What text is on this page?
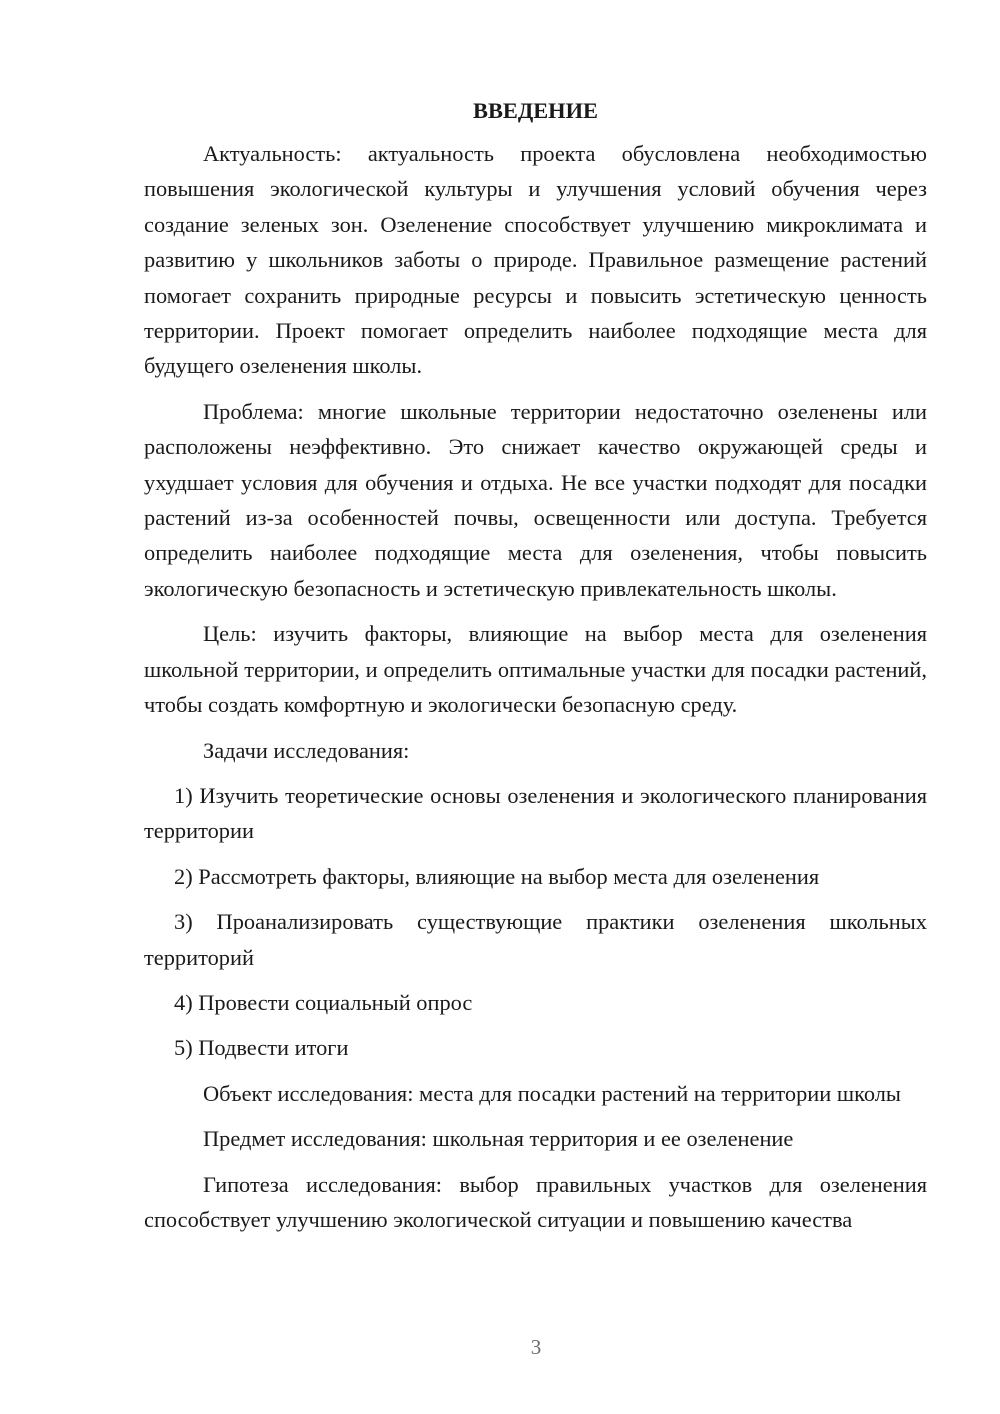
ВВЕДЕНИЕ

Актуальность: актуальность проекта обусловлена необходимостью повышения экологической культуры и улучшения условий обучения через создание зеленых зон. Озеленение способствует улучшению микроклимата и развитию у школьников заботы о природе. Правильное размещение растений помогает сохранить природные ресурсы и повысить эстетическую ценность территории. Проект помогает определить наиболее подходящие места для будущего озеленения школы.

Проблема: многие школьные территории недостаточно озеленены или расположены неэффективно. Это снижает качество окружающей среды и ухудшает условия для обучения и отдыха. Не все участки подходят для посадки растений из-за особенностей почвы, освещенности или доступа. Требуется определить наиболее подходящие места для озеленения, чтобы повысить экологическую безопасность и эстетическую привлекательность школы.

Цель: изучить факторы, влияющие на выбор места для озеленения школьной территории, и определить оптимальные участки для посадки растений, чтобы создать комфортную и экологически безопасную среду.

Задачи исследования:

1) Изучить теоретические основы озеленения и экологического планирования территории

2) Рассмотреть факторы, влияющие на выбор места для озеленения

3) Проанализировать существующие практики озеленения школьных территорий

4) Провести социальный опрос

5) Подвести итоги

Объект исследования: места для посадки растений на территории школы

Предмет исследования: школьная территория и ее озеленение

Гипотеза исследования: выбор правильных участков для озеленения способствует улучшению экологической ситуации и повышению качества

3
